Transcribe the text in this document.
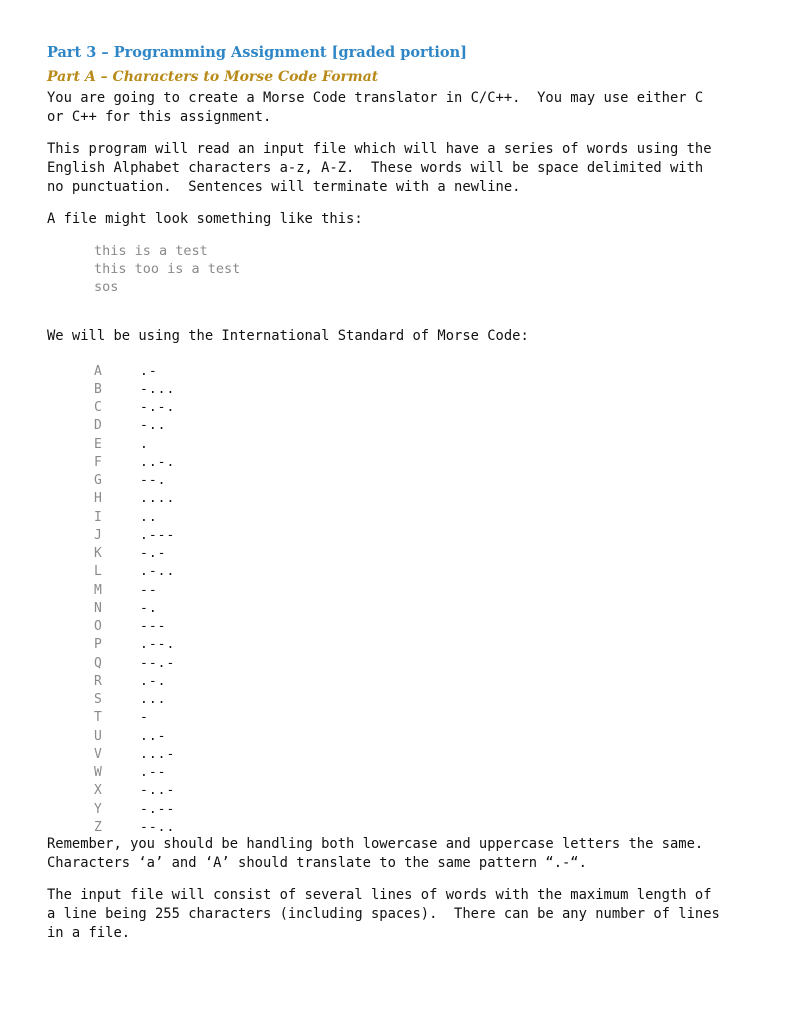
Part 3 – Programming Assignment [graded portion]
Part A – Characters to Morse Code Format
You are going to create a Morse Code translator in C/C++.  You may use either C
or C++ for this assignment.
This program will read an input file which will have a series of words using the
English Alphabet characters a-z, A-Z.  These words will be space delimited with
no punctuation.  Sentences will terminate with a newline.
A file might look something like this:
this is a test
this too is a test
sos
We will be using the International Standard of Morse Code:
A	.-
B	-...
C	-.-.
D	-..
E	.
F	..-.
G	--.
H	....
I	..
J	.---
K	-.-
L	.-..
M	--
N	-.
O	---
P	.--.
Q	--.-
R	.-.
S	...
T	-
U	..-
V	...-
W	.--
X	-..-
Y	-.--
Z	--..
Remember, you should be handling both lowercase and uppercase letters the same.
Characters ‘a’ and ‘A’ should translate to the same pattern “.-“.
The input file will consist of several lines of words with the maximum length of
a line being 255 characters (including spaces).  There can be any number of lines
in a file.
